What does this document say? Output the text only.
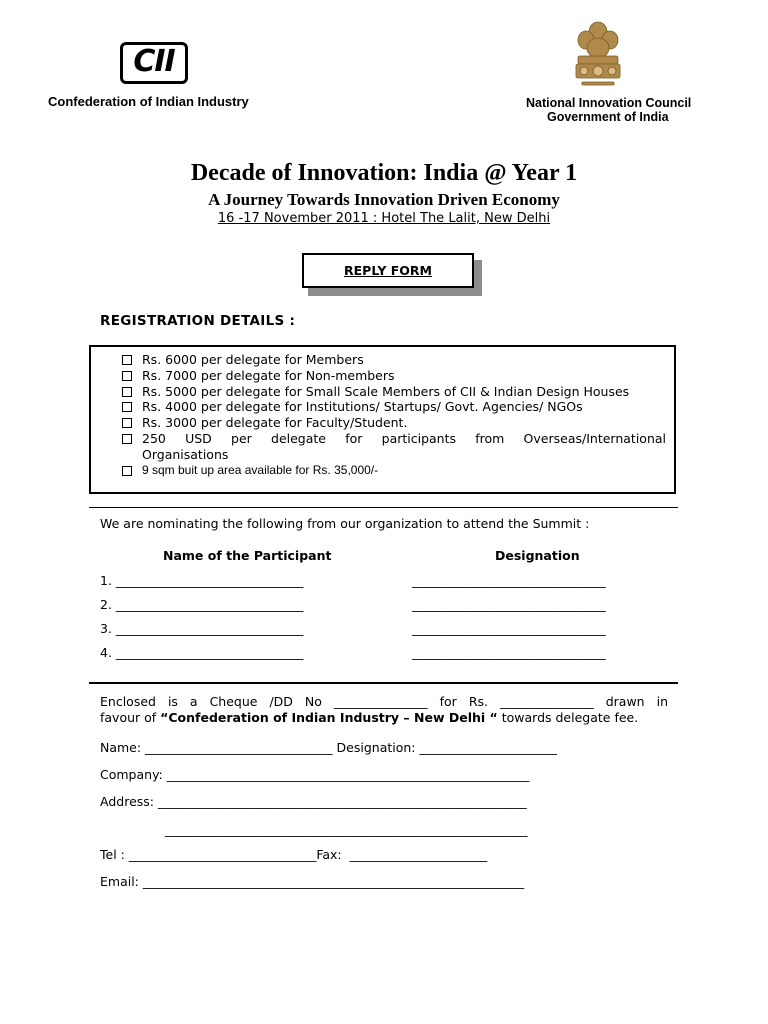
CII
Confederation of Indian Industry	National Innovation Council
Government of India
Decade of Innovation: India @ Year 1
A Journey Towards Innovation Driven Economy
16 -17 November 2011 : Hotel The Lalit, New Delhi
REPLY FORM
REGISTRATION DETAILS :
Rs. 6000 per delegate for Members
Rs. 7000 per delegate for Non-members
Rs. 5000 per delegate for Small Scale Members of CII & Indian Design Houses
Rs. 4000 per delegate for Institutions/ Startups/ Govt. Agencies/ NGOs
Rs. 3000 per delegate for Faculty/Student.
250 USD per delegate for participants from Overseas/International
Organisations
9 sqm buit up area available for Rs. 35,000/-
We are nominating the following from our organization to attend the Summit :
Name of the Participant	Designation
1. ______________________________	_______________________________
2. ______________________________	_______________________________
3. ______________________________	_______________________________
4. ______________________________	_______________________________
Enclosed is a Cheque /DD No _______________ for Rs. _______________ drawn in
favour of “Confederation of Indian Industry – New Delhi “ towards delegate fee.
Name: ______________________________ Designation: ______________________
Company: __________________________________________________________
Address: ___________________________________________________________
__________________________________________________________
Tel : ______________________________Fax:  ______________________
Email: _____________________________________________________________
